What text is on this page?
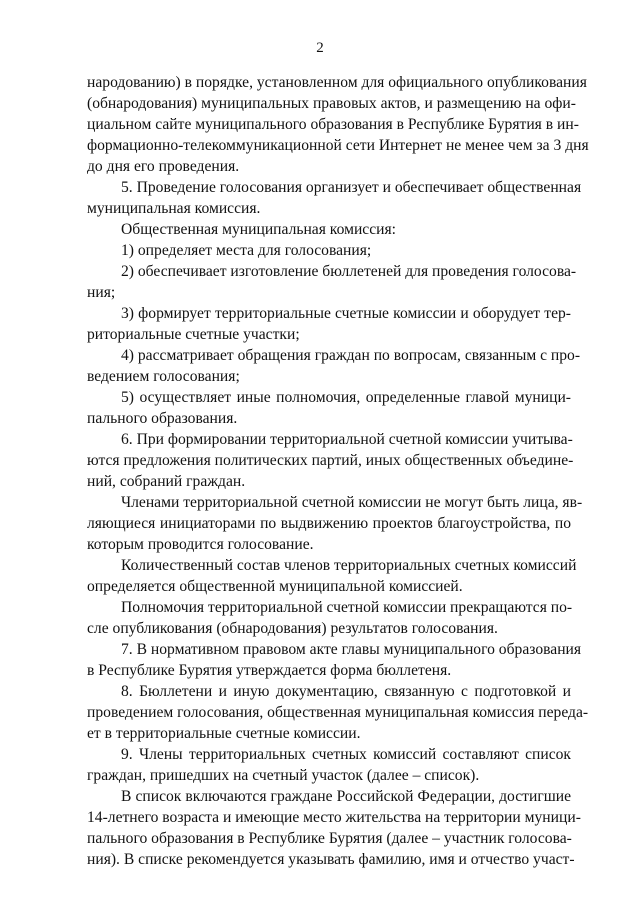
2
народованию) в порядке, установленном для официального опубликования
(обнародования) муниципальных правовых актов, и размещению на офи-
циальном сайте муниципального образования в Республике Бурятия в ин-
формационно-телекоммуникационной сети Интернет не менее чем за 3 дня
до дня его проведения.
5. Проведение голосования организует и обеспечивает общественная
муниципальная комиссия.
Общественная муниципальная комиссия:
1) определяет места для голосования;
2) обеспечивает изготовление бюллетеней для проведения голосова-
ния;
3) формирует территориальные счетные комиссии и оборудует тер-
риториальные счетные участки;
4) рассматривает обращения граждан по вопросам, связанным с про-
ведением голосования;
5) осуществляет иные полномочия, определенные главой муници-
пального образования.
6. При формировании территориальной счетной комиссии учитыва-
ются предложения политических партий, иных общественных объедине-
ний, собраний граждан.
Членами территориальной счетной комиссии не могут быть лица, яв-
ляющиеся инициаторами по выдвижению проектов благоустройства, по
которым проводится голосование.
Количественный состав членов территориальных счетных комиссий
определяется общественной муниципальной комиссией.
Полномочия территориальной счетной комиссии прекращаются по-
сле опубликования (обнародования) результатов голосования.
7. В нормативном правовом акте главы муниципального образования
в Республике Бурятия утверждается форма бюллетеня.
8. Бюллетени и иную документацию, связанную с подготовкой и
проведением голосования, общественная муниципальная комиссия переда-
ет в территориальные счетные комиссии.
9. Члены территориальных счетных комиссий составляют список
граждан, пришедших на счетный участок (далее – список).
В список включаются граждане Российской Федерации, достигшие
14-летнего возраста и имеющие место жительства на территории муници-
пального образования в Республике Бурятия (далее – участник голосова-
ния). В списке рекомендуется указывать фамилию, имя и отчество участ-
